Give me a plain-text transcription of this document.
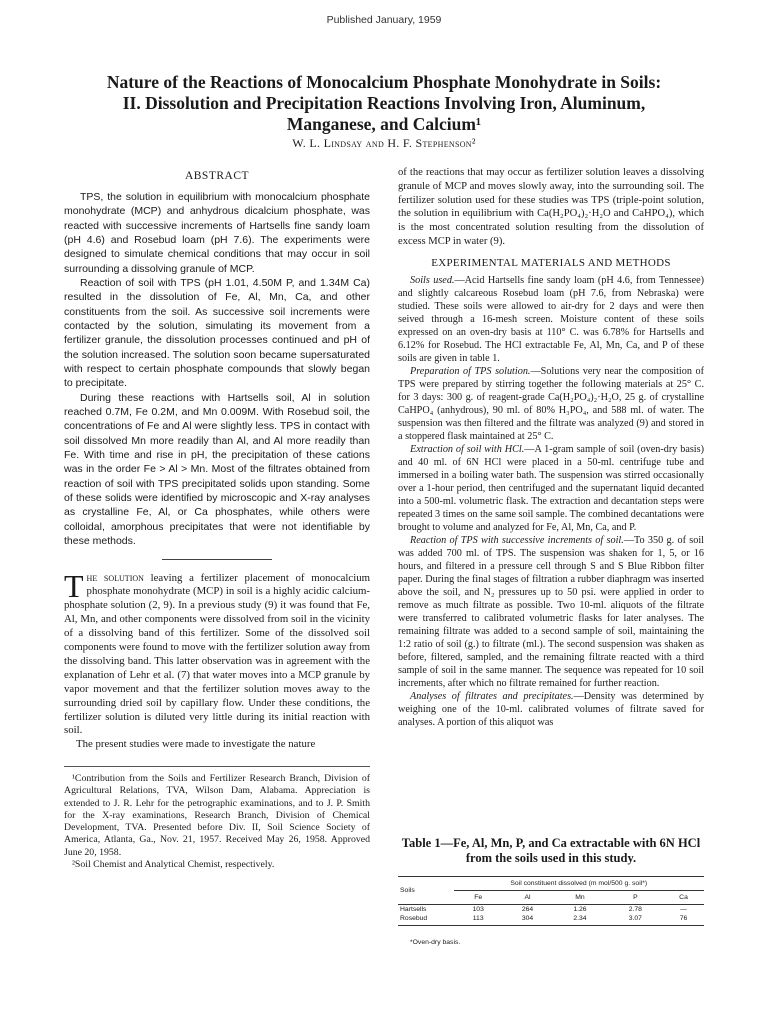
Published January, 1959
Nature of the Reactions of Monocalcium Phosphate Monohydrate in Soils:
II. Dissolution and Precipitation Reactions Involving Iron, Aluminum,
Manganese, and Calcium¹
W. L. Lindsay and H. F. Stephenson²
ABSTRACT

TPS, the solution in equilibrium with monocalcium phosphate monohydrate (MCP) and anhydrous dicalcium phosphate, was reacted with successive increments of Hartsells fine sandy loam (pH 4.6) and Rosebud loam (pH 7.6). The experiments were designed to simulate chemical conditions that may occur in soil surrounding a dissolving granule of MCP.

Reaction of soil with TPS (pH 1.01, 4.50M P, and 1.34M Ca) resulted in the dissolution of Fe, Al, Mn, Ca, and other constituents from the soil. As successive soil increments were contacted by the solution, simulating its movement from a fertilizer granule, the dissolution processes continued and pH of the solution increased. The solution soon became supersaturated with respect to certain phosphate compounds that slowly began to precipitate.

During these reactions with Hartsells soil, Al in solution reached 0.7M, Fe 0.2M, and Mn 0.009M. With Rosebud soil, the concentrations of Fe and Al were slightly less. TPS in contact with soil dissolved Mn more readily than Al, and Al more readily than Fe. With time and rise in pH, the precipitation of these cations was in the order Fe > Al > Mn. Most of the filtrates obtained from reaction of soil with TPS precipitated solids upon standing. Some of these solids were identified by microscopic and X-ray analyses as crystalline Fe, Al, or Ca phosphates, while others were colloidal, amorphous precipitates that were not identifiable by these methods.

The solution leaving a fertilizer placement of monocalcium phosphate monohydrate (MCP) in soil is a highly acidic calcium-phosphate solution (2, 9). In a previous study (9) it was found that Fe, Al, Mn, and other components were dissolved from soil in the vicinity of a dissolving band of this fertilizer. Some of the dissolved soil components were found to move with the fertilizer solution away from the dissolving band. This latter observation was in agreement with the explanation of Lehr et al. (7) that water moves into a MCP granule by vapor movement and that the fertilizer solution moves away to the surrounding dried soil by capillary flow. Under these conditions, the fertilizer solution is diluted very little during its initial reaction with soil.

The present studies were made to investigate the nature

¹Contribution from the Soils and Fertilizer Research Branch, Division of Agricultural Relations, TVA, Wilson Dam, Alabama. Appreciation is extended to J. R. Lehr for the petrographic examinations, and to J. P. Smith for the X-ray examinations, Research Branch, Division of Chemical Development, TVA. Presented before Div. II, Soil Science Society of America, Atlanta, Ga., Nov. 21, 1957. Received May 26, 1958. Approved June 20, 1958.

²Soil Chemist and Analytical Chemist, respectively.

of the reactions that may occur as fertilizer solution leaves a dissolving granule of MCP and moves slowly away, into the surrounding soil. The fertilizer solution used for these studies was TPS (triple-point solution, the solution in equilibrium with Ca(H₂PO₄)₂·H₂O and CaHPO₄), which is the most concentrated solution resulting from the dissolution of excess MCP in water (9).

EXPERIMENTAL MATERIALS AND METHODS

Soils used.—Acid Hartsells fine sandy loam (pH 4.6, from Tennessee) and slightly calcareous Rosebud loam (pH 7.6, from Nebraska) were studied. These soils were allowed to air-dry for 2 days and were then seived through a 16-mesh screen. Moisture content of these soils expressed on an oven-dry basis at 110° C. was 6.78% for Hartsells and 6.12% for Rosebud. The HCl extractable Fe, Al, Mn, Ca, and P of these soils are given in table 1.

Preparation of TPS solution.—Solutions very near the composition of TPS were prepared by stirring together the following materials at 25° C. for 3 days: 300 g. of reagent-grade Ca(H₂PO₄)₂·H₂O, 25 g. of crystalline CaHPO₄ (anhydrous), 90 ml. of 80% H₃PO₄, and 588 ml. of water. The suspension was then filtered and the filtrate was analyzed (9) and stored in a stoppered flask maintained at 25° C.

Extraction of soil with HCl.—A 1-gram sample of soil (oven-dry basis) and 40 ml. of 6N HCl were placed in a 50-ml. centrifuge tube and immersed in a boiling water bath. The suspension was stirred occasionally over a 1-hour period, then centrifuged and the supernatant liquid decanted into a 500-ml. volumetric flask. The extraction and decantation steps were repeated 3 times on the same soil sample. The combined decantations were brought to volume and analyzed for Fe, Al, Mn, Ca, and P.

Reaction of TPS with successive increments of soil.—To 350 g. of soil was added 700 ml. of TPS. The suspension was shaken for 1, 5, or 16 hours, and filtered in a pressure cell through S and S Blue Ribbon filter paper. During the final stages of filtration a rubber diaphragm was inserted above the soil, and N₂ pressures up to 50 psi. were applied in order to remove as much filtrate as possible. Two 10-ml. aliquots of the filtrate were transferred to calibrated volumetric flasks for later analyses. The remaining filtrate was added to a second sample of soil, maintaining the 1:2 ratio of soil (g.) to filtrate (ml.). The second suspension was shaken as before, filtered, sampled, and the remaining filtrate reacted with a third sample of soil in the same manner. The sequence was repeated for 10 soil increments, after which no filtrate remained for further reaction.

Analyses of filtrates and precipitates.—Density was determined by weighing one of the 10-ml. calibrated volumes of filtrate saved for analyses. A portion of this aliquot was

Table 1—Fe, Al, Mn, P, and Ca extractable with 6N HCl from the soils used in this study.
Soils	Soil constituent dissolved (m mol/500 g. soil*)				
	Fe	Al	Mn	P	Ca
Hartsells	103	264	1.26	2.78	—
Rosebud	113	304	2.34	3.07	76
*Oven-dry basis.
